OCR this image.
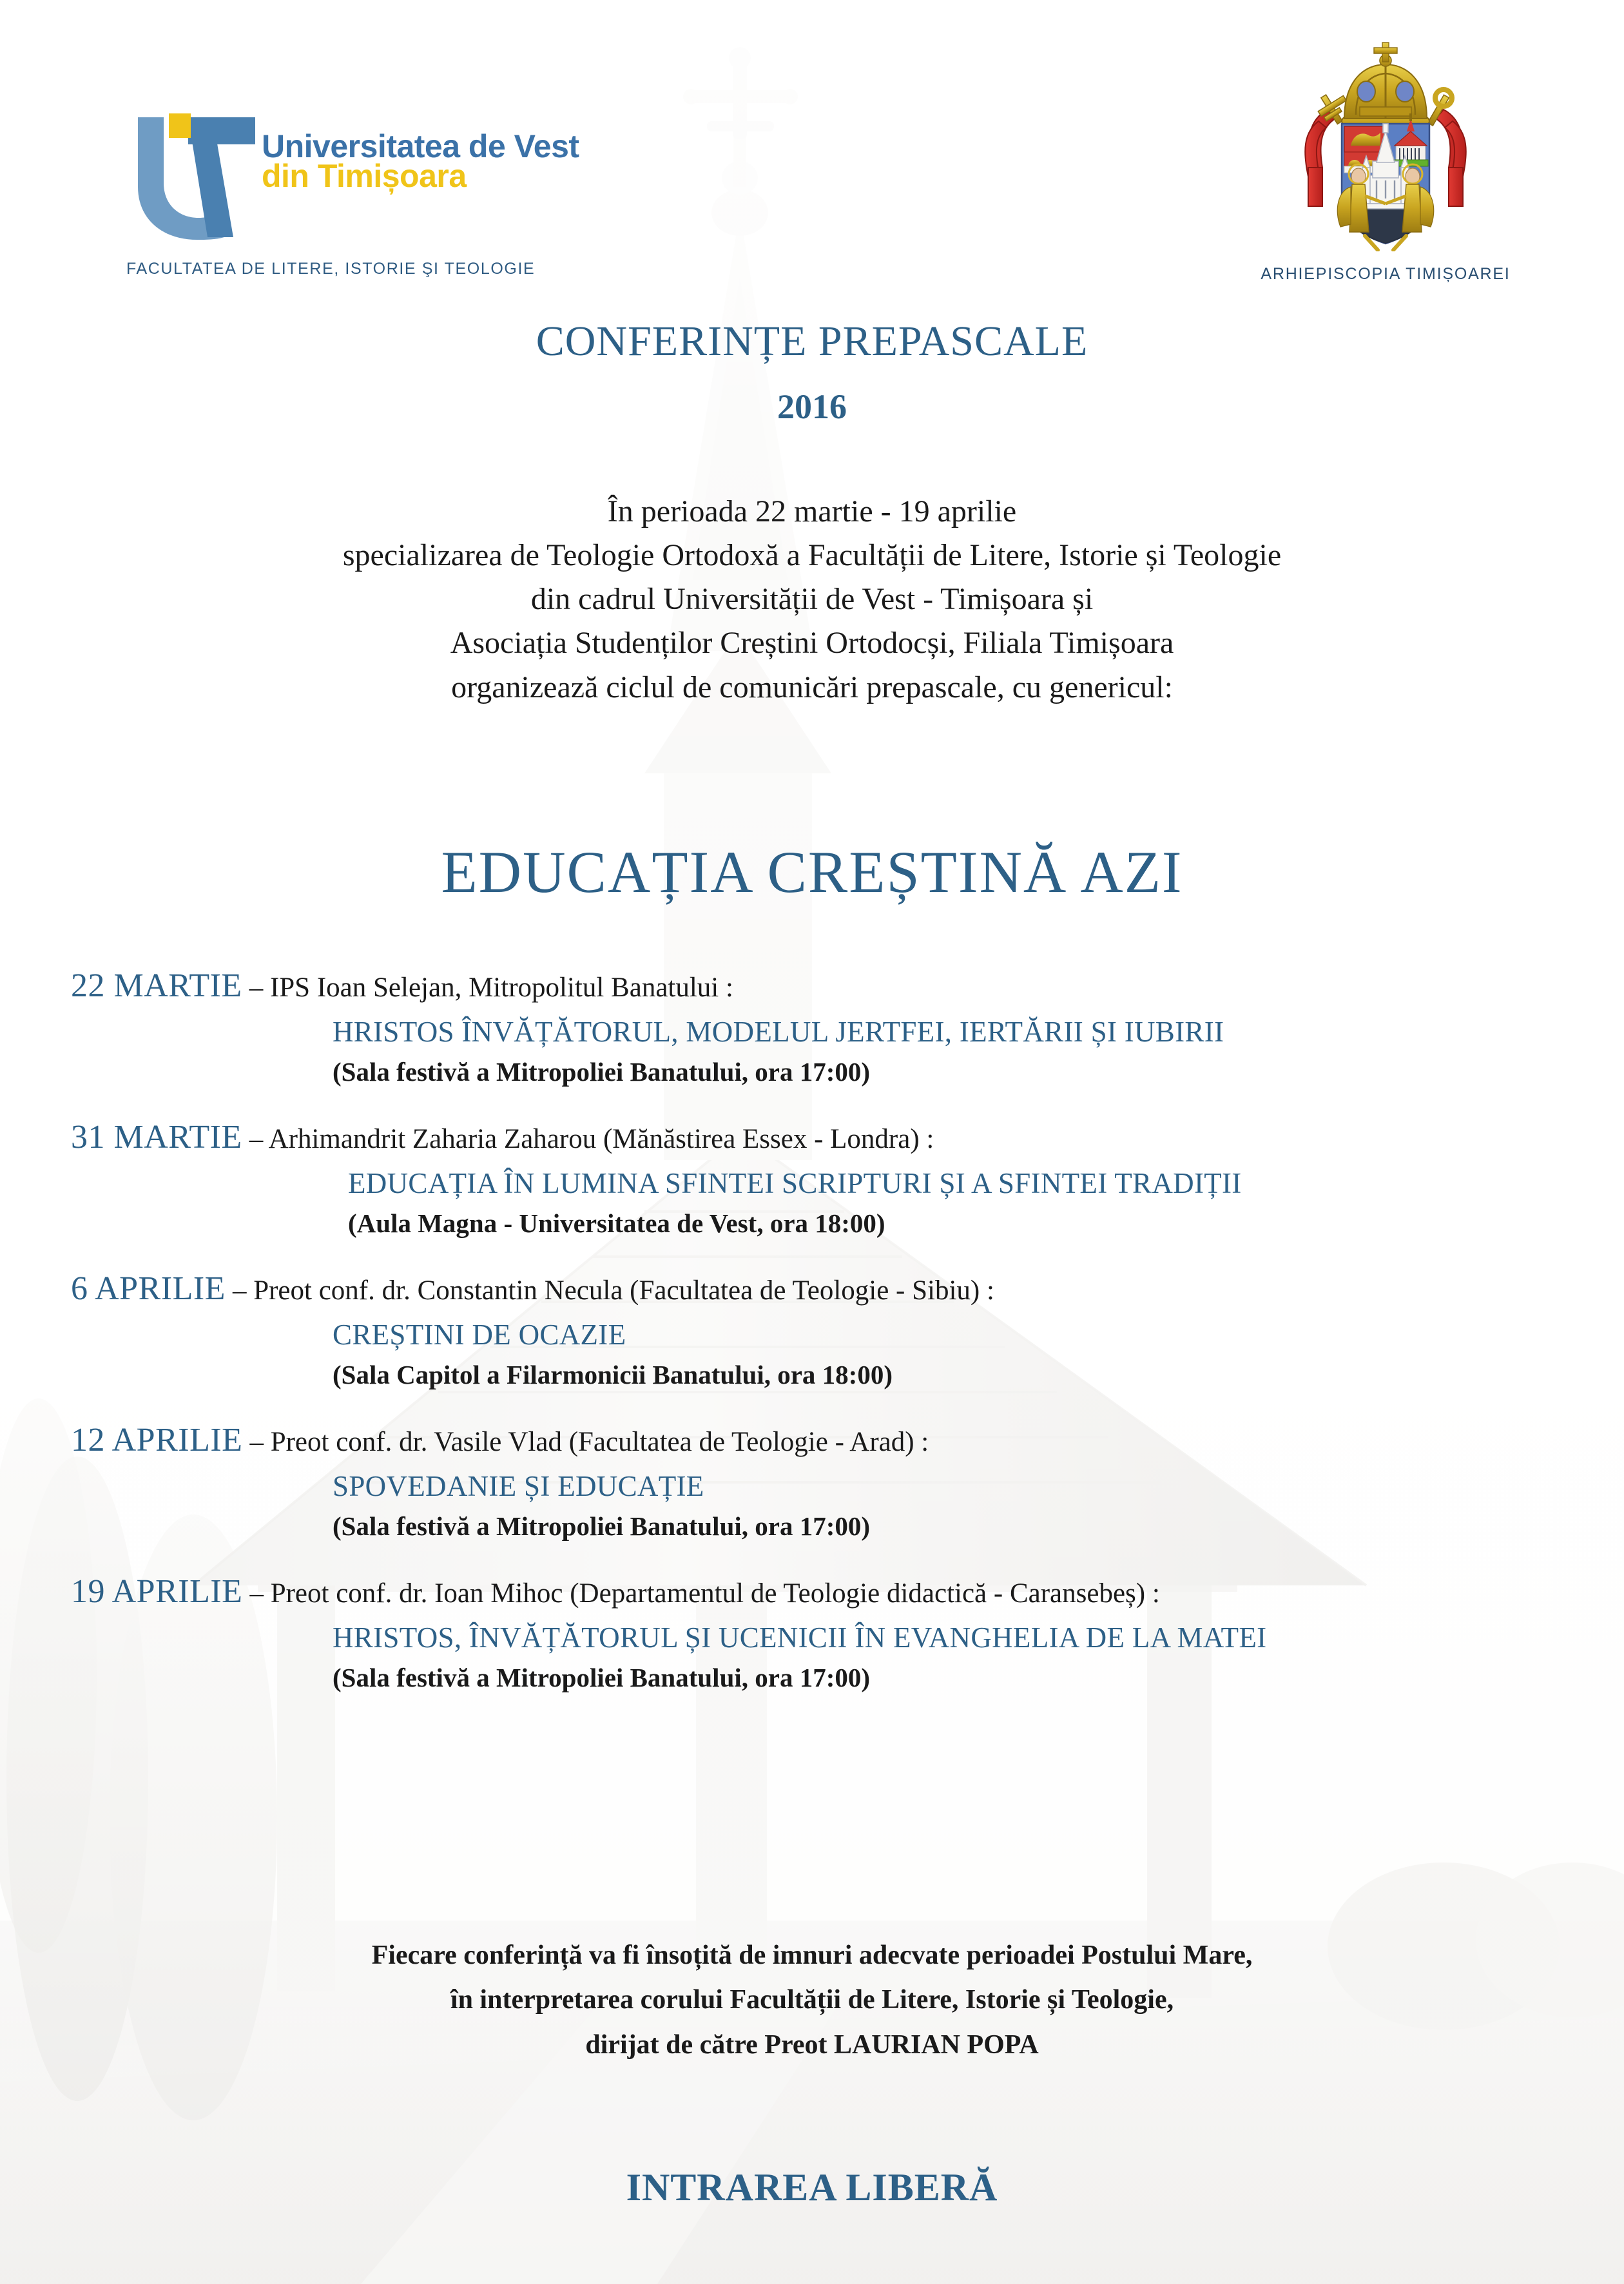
Universitatea de Vest
din Timișoara
FACULTATEA DE LITERE, ISTORIE ŞI TEOLOGIE	ARHIEPISCOPIA TIMIȘOAREI
CONFERINȚE PREPASCALE
2016
În perioada 22 martie - 19 aprilie
specializarea de Teologie Ortodoxă a Facultății de Litere, Istorie și Teologie
din cadrul Universității de Vest - Timișoara și
Asociația Studenților Creștini Ortodocși, Filiala Timișoara
organizează ciclul de comunicări prepascale, cu genericul:
EDUCAȚIA CREȘTINĂ AZI
22 MARTIE – IPS Ioan Selejan, Mitropolitul Banatului :
HRISTOS ÎNVĂȚĂTORUL, MODELUL JERTFEI, IERTĂRII ȘI IUBIRII
(Sala festivă a Mitropoliei Banatului, ora 17:00)
31 MARTIE – Arhimandrit Zaharia Zaharou (Mănăstirea Essex - Londra) :
EDUCAȚIA ÎN LUMINA SFINTEI SCRIPTURI ȘI A SFINTEI TRADIȚII
(Aula Magna - Universitatea de Vest, ora 18:00)
6 APRILIE – Preot conf. dr. Constantin Necula (Facultatea de Teologie - Sibiu) :
CREȘTINI DE OCAZIE
(Sala Capitol a Filarmonicii Banatului, ora 18:00)
12 APRILIE – Preot conf. dr. Vasile Vlad (Facultatea de Teologie - Arad) :
SPOVEDANIE ȘI EDUCAȚIE
(Sala festivă a Mitropoliei Banatului, ora 17:00)
19 APRILIE – Preot conf. dr. Ioan Mihoc (Departamentul de Teologie didactică - Caransebeș) :
HRISTOS, ÎNVĂȚĂTORUL ȘI UCENICII ÎN EVANGHELIA DE LA MATEI
(Sala festivă a Mitropoliei Banatului, ora 17:00)
Fiecare conferință va fi însoțită de imnuri adecvate perioadei Postului Mare,
în interpretarea corului Facultății de Litere, Istorie și Teologie,
dirijat de către Preot LAURIAN POPA
INTRAREA LIBERĂ
